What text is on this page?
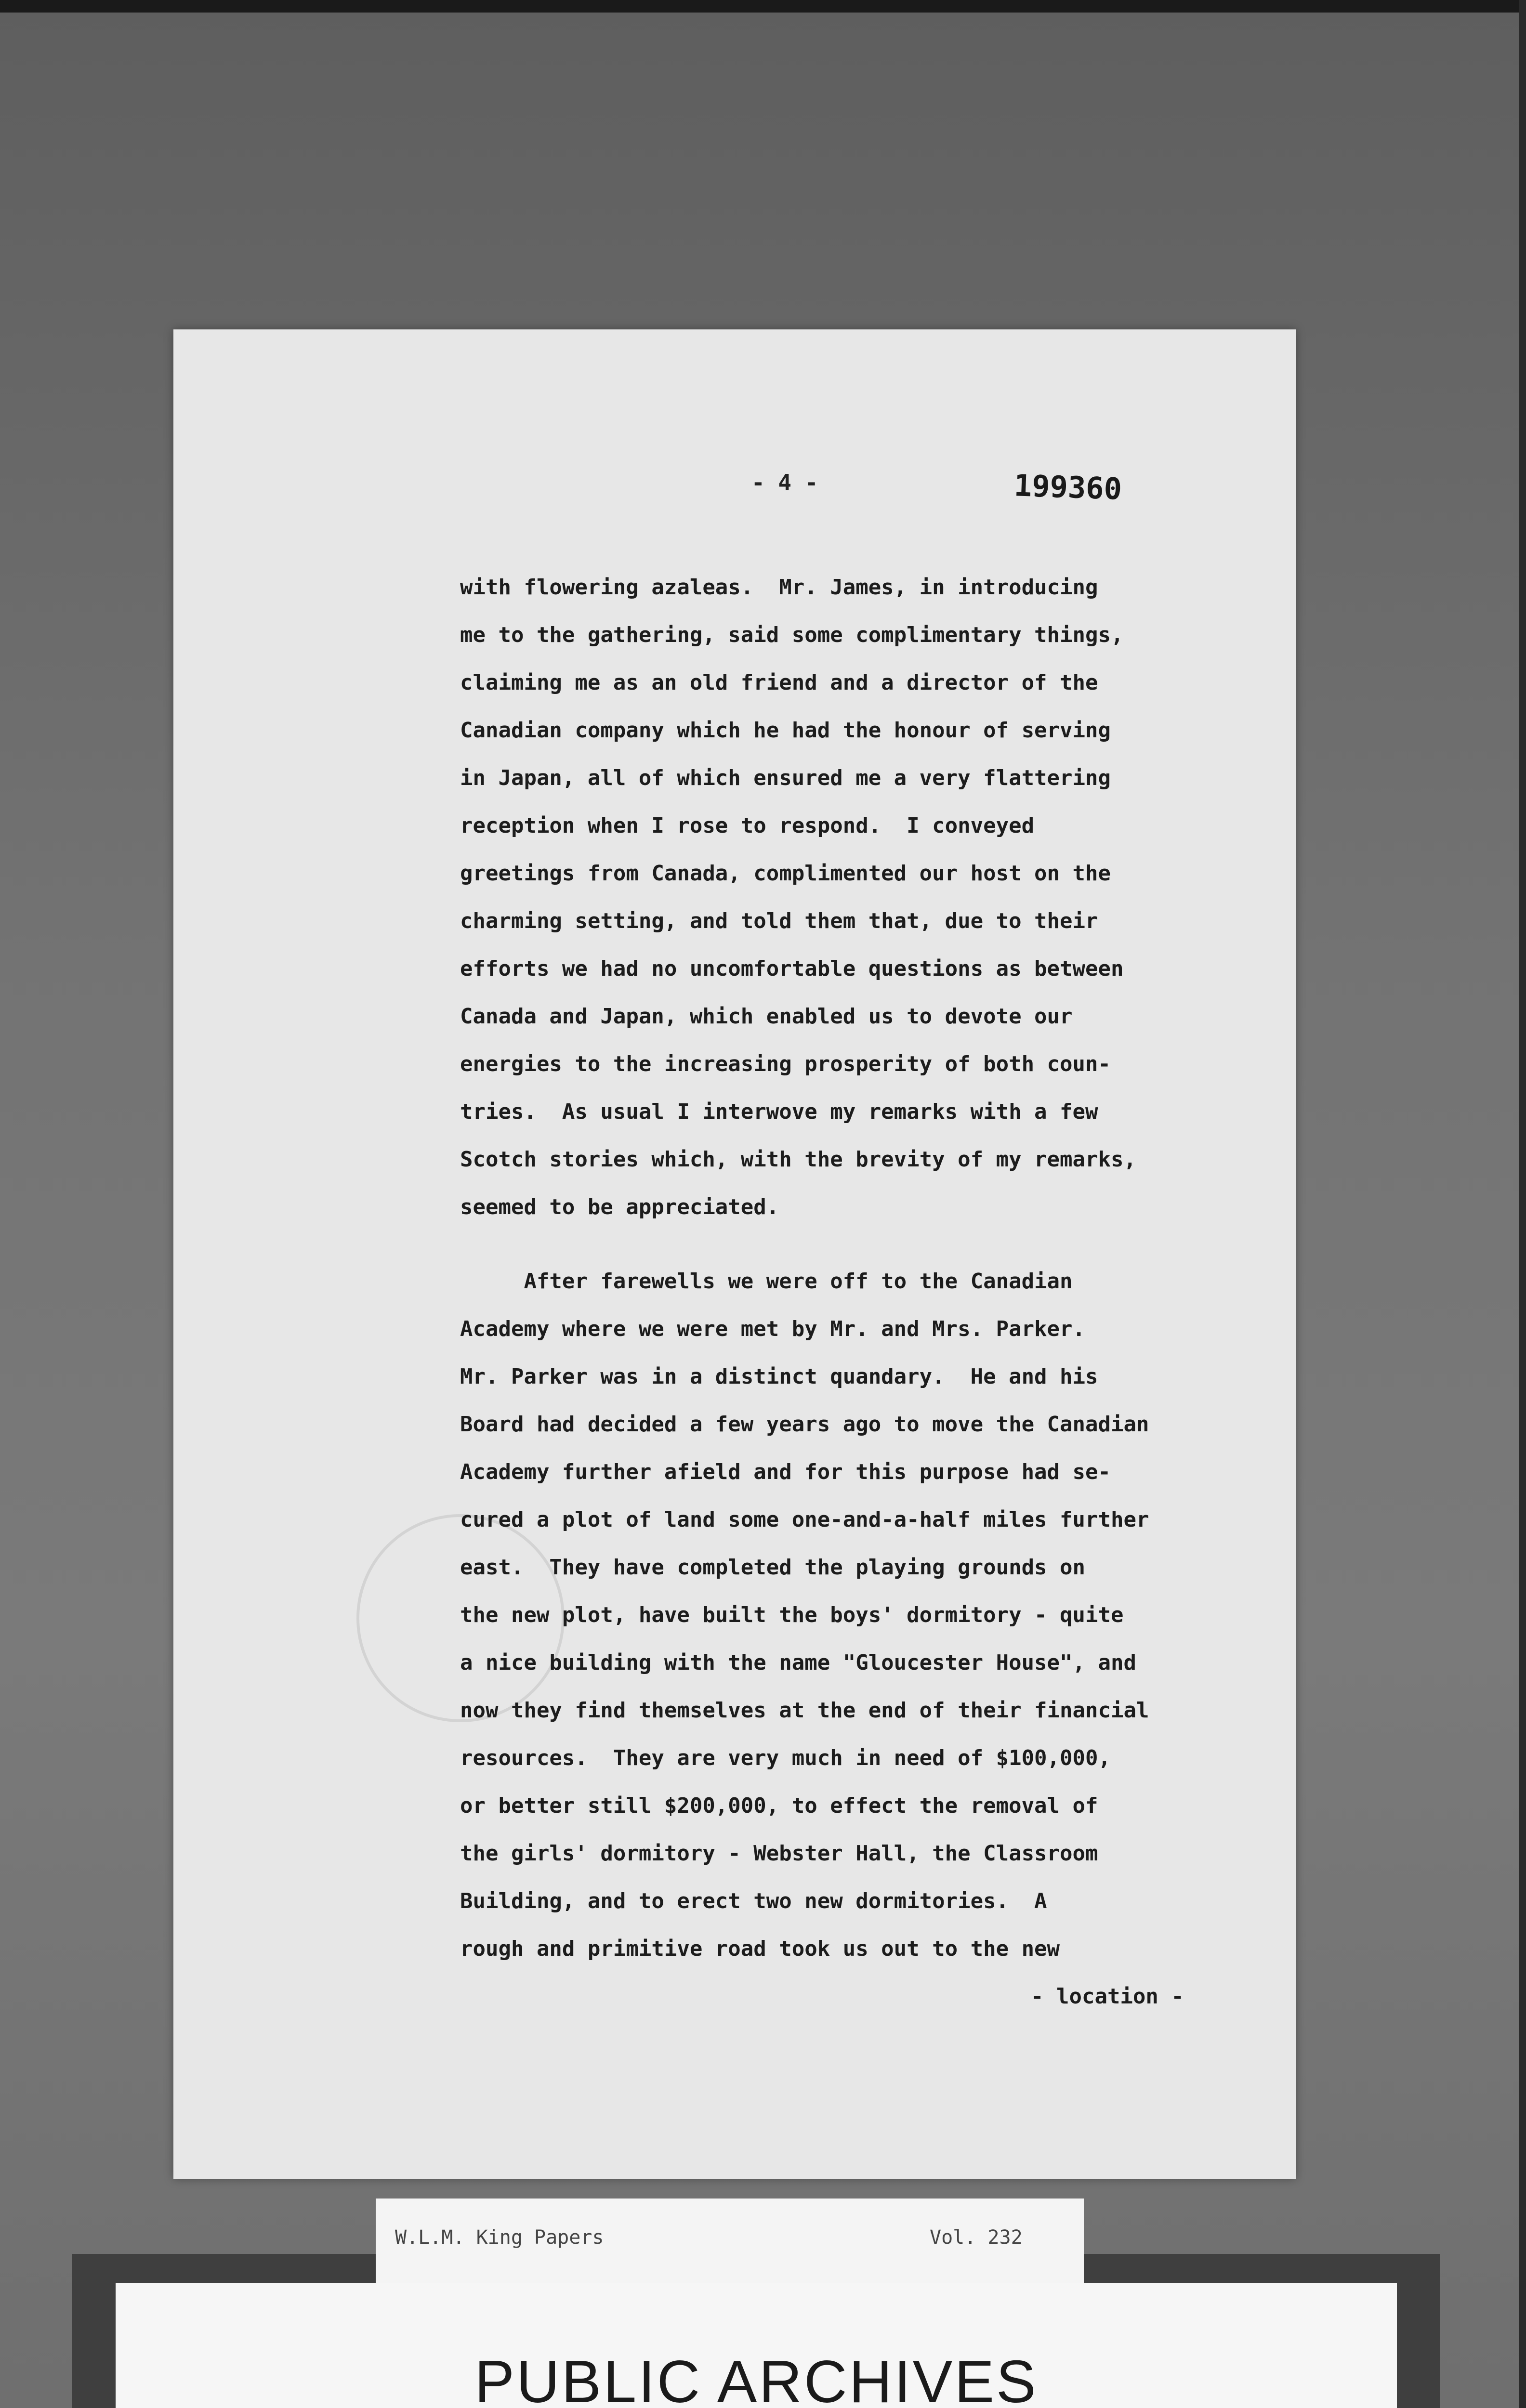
- 4 -	199360
with flowering azaleas.  Mr. James, in introducing
me to the gathering, said some complimentary things,
claiming me as an old friend and a director of the
Canadian company which he had the honour of serving
in Japan, all of which ensured me a very flattering
reception when I rose to respond.  I conveyed
greetings from Canada, complimented our host on the
charming setting, and told them that, due to their
efforts we had no uncomfortable questions as between
Canada and Japan, which enabled us to devote our
energies to the increasing prosperity of both coun-
tries.  As usual I interwove my remarks with a few
Scotch stories which, with the brevity of my remarks,
seemed to be appreciated.
After farewells we were off to the Canadian
Academy where we were met by Mr. and Mrs. Parker.
Mr. Parker was in a distinct quandary.  He and his
Board had decided a few years ago to move the Canadian
Academy further afield and for this purpose had se-
cured a plot of land some one-and-a-half miles further
east.  They have completed the playing grounds on
the new plot, have built the boys' dormitory - quite
a nice building with the name "Gloucester House", and
now they find themselves at the end of their financial
resources.  They are very much in need of $100,000,
or better still $200,000, to effect the removal of
the girls' dormitory - Webster Hall, the Classroom
Building, and to erect two new dormitories.  A
rough and primitive road took us out to the new
- location -
W.L.M. King Papers	Vol. 232
PUBLIC ARCHIVES
